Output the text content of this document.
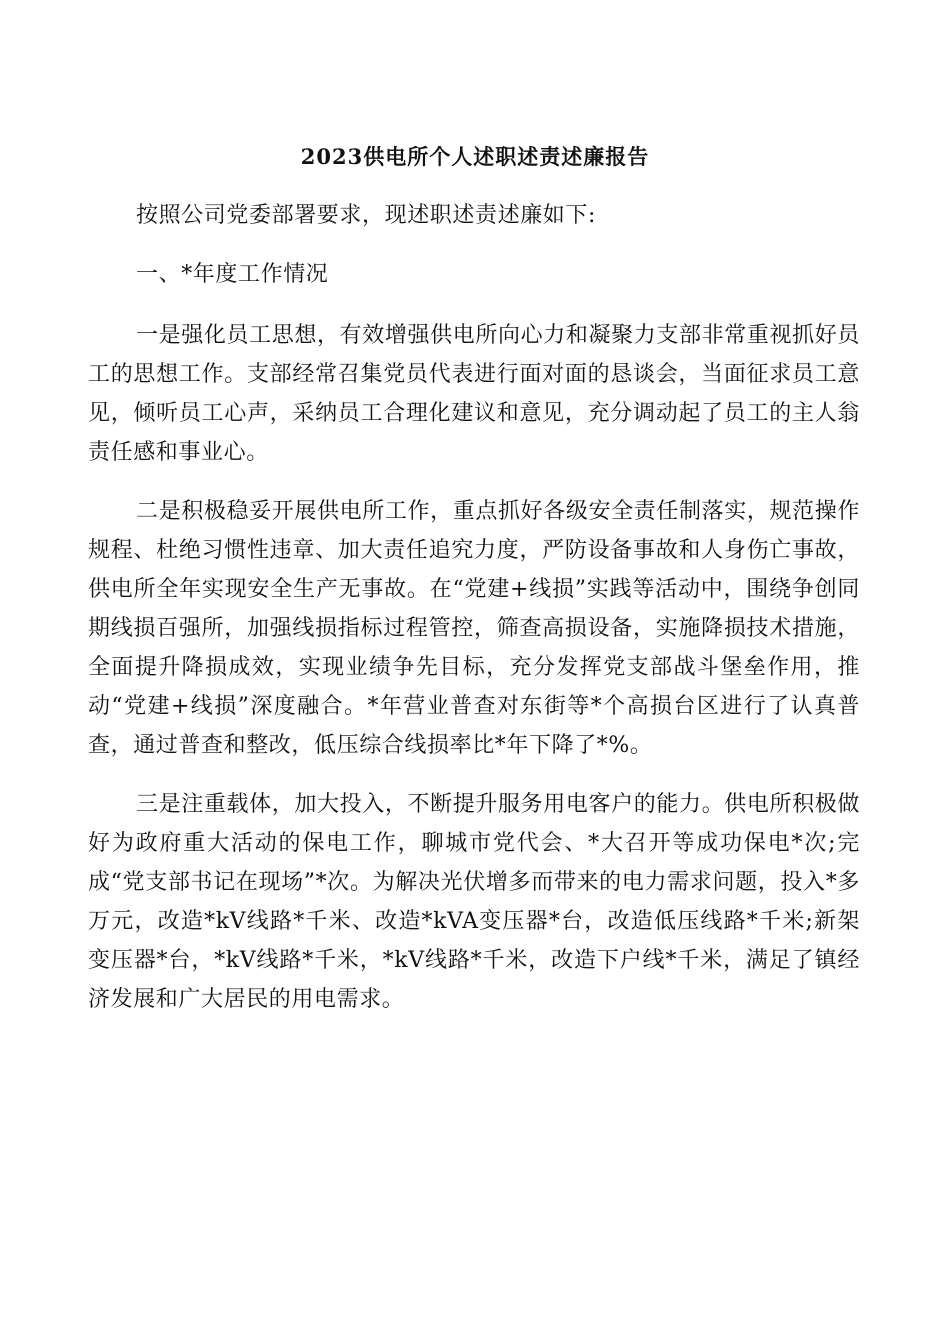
2023供电所个人述职述责述廉报告

按照公司党委部署要求，现述职述责述廉如下:

一、*年度工作情况

一是强化员工思想，有效增强供电所向心力和凝聚力支部非常重视抓好员工的思想工作。支部经常召集党员代表进行面对面的恳谈会，当面征求员工意见，倾听员工心声，采纳员工合理化建议和意见，充分调动起了员工的主人翁责任感和事业心。

二是积极稳妥开展供电所工作，重点抓好各级安全责任制落实，规范操作规程、杜绝习惯性违章、加大责任追究力度，严防设备事故和人身伤亡事故，供电所全年实现安全生产无事故。在“党建+线损”实践等活动中，围绕争创同期线损百强所，加强线损指标过程管控，筛查高损设备，实施降损技术措施，全面提升降损成效，实现业绩争先目标，充分发挥党支部战斗堡垒作用，推动“党建+线损”深度融合。*年营业普查对东街等*个高损台区进行了认真普查，通过普查和整改，低压综合线损率比*年下降了*%。

三是注重载体，加大投入，不断提升服务用电客户的能力。供电所积极做好为政府重大活动的保电工作，聊城市党代会、*大召开等成功保电*次;完成“党支部书记在现场”*次。为解决光伏增多而带来的电力需求问题，投入*多万元，改造*kV线路*千米、改造*kVA变压器*台，改造低压线路*千米;新架变压器*台，*kV线路*千米，*kV线路*千米，改造下户线*千米，满足了镇经济发展和广大居民的用电需求。
